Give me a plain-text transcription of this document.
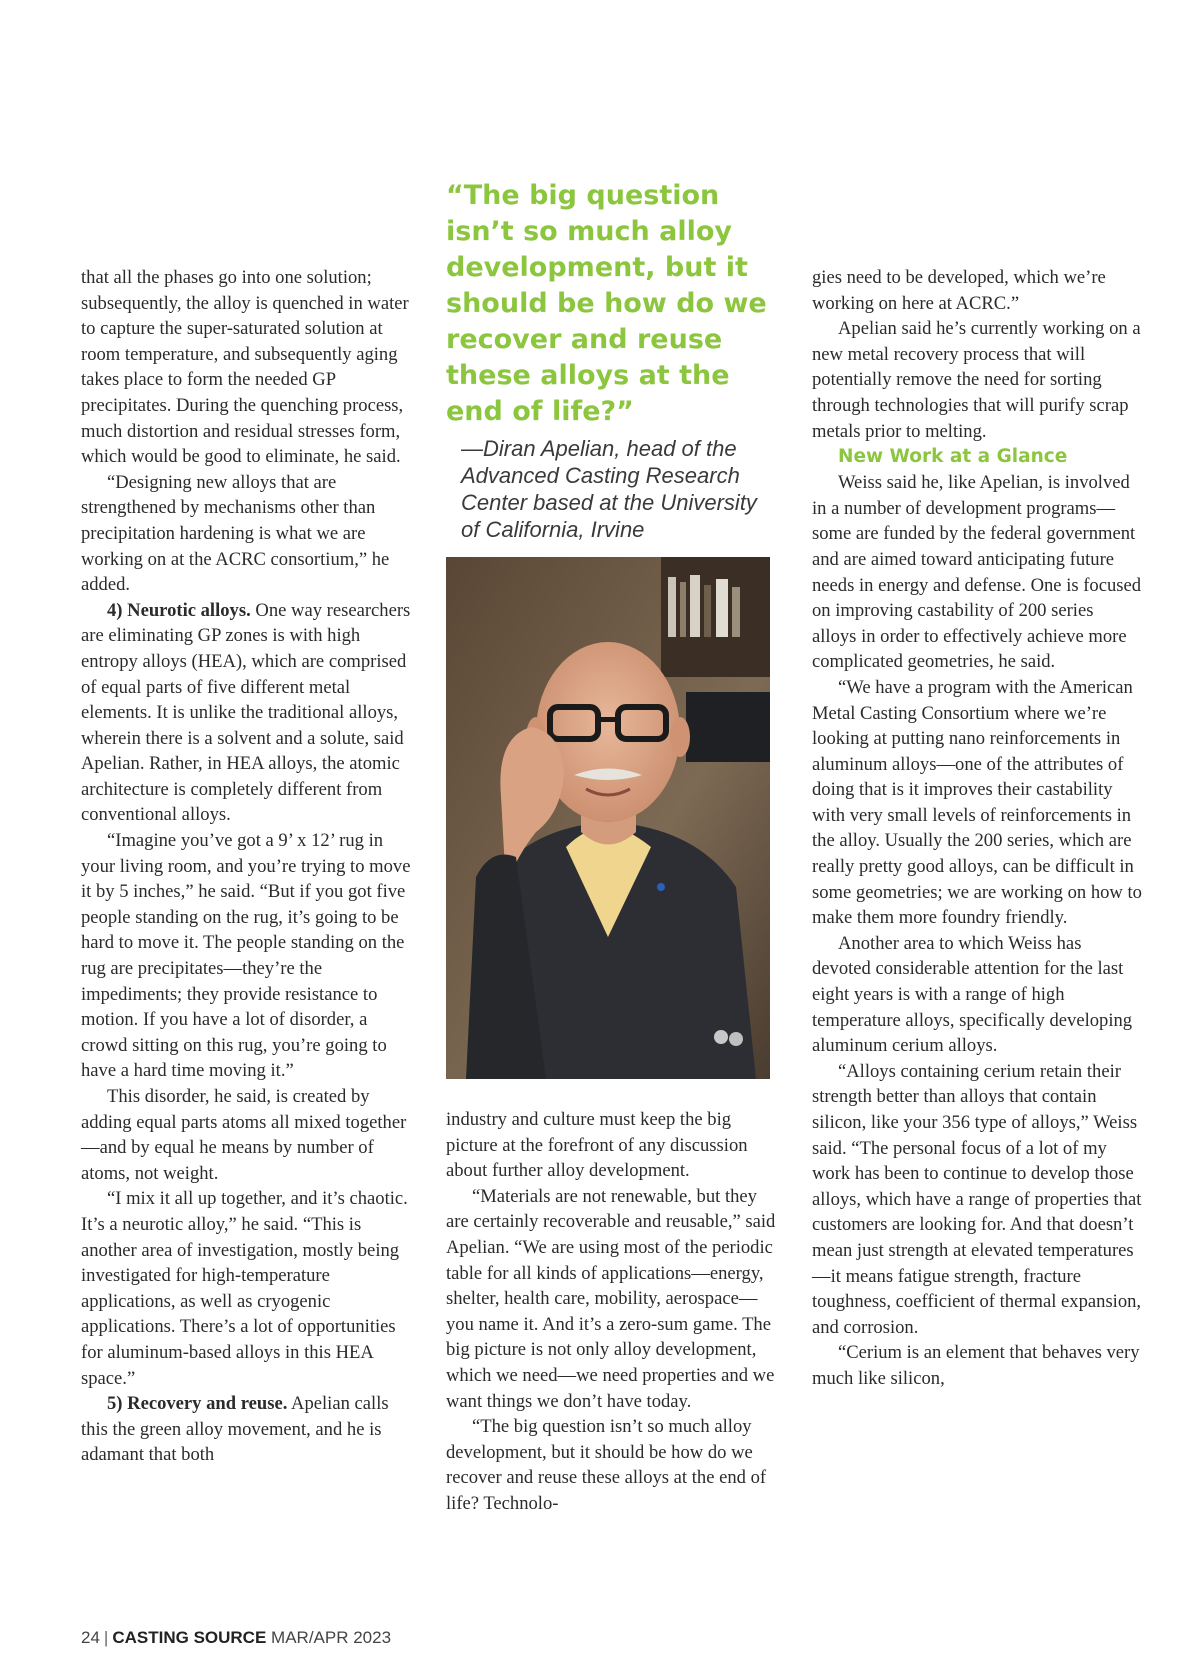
that all the phases go into one solution; subsequently, the alloy is quenched in water to capture the super-saturated solution at room temperature, and subsequently aging takes place to form the needed GP precipitates. During the quenching process, much distortion and residual stresses form, which would be good to eliminate, he said.

“Designing new alloys that are strengthened by mechanisms other than precipitation hardening is what we are working on at the ACRC consortium,” he added.

4) Neurotic alloys. One way researchers are eliminating GP zones is with high entropy alloys (HEA), which are comprised of equal parts of five different metal elements. It is unlike the traditional alloys, wherein there is a solvent and a solute, said Apelian. Rather, in HEA alloys, the atomic architecture is completely different from conventional alloys.

“Imagine you’ve got a 9’ x 12’ rug in your living room, and you’re trying to move it by 5 inches,” he said. “But if you got five people standing on the rug, it’s going to be hard to move it. The people standing on the rug are precipitates—they’re the impediments; they provide resistance to motion. If you have a lot of disorder, a crowd sitting on this rug, you’re going to have a hard time moving it.”

This disorder, he said, is created by adding equal parts atoms all mixed together—and by equal he means by number of atoms, not weight.

“I mix it all up together, and it’s chaotic. It’s a neurotic alloy,” he said. “This is another area of investigation, mostly being investigated for high-temperature applications, as well as cryogenic applications. There’s a lot of opportunities for aluminum-based alloys in this HEA space.”

5) Recovery and reuse. Apelian calls this the green alloy movement, and he is adamant that both

“The big question isn’t so much alloy development, but it should be how do we recover and reuse these alloys at the end of life?”
—Diran Apelian, head of the Advanced Casting Research Center based at the University of California, Irvine

industry and culture must keep the big picture at the forefront of any discussion about further alloy development.

“Materials are not renewable, but they are certainly recoverable and reusable,” said Apelian. “We are using most of the periodic table for all kinds of applications—energy, shelter, health care, mobility, aerospace—you name it. And it’s a zero-sum game. The big picture is not only alloy development, which we need—we need properties and we want things we don’t have today.

“The big question isn’t so much alloy development, but it should be how do we recover and reuse these alloys at the end of life? Technolo-

gies need to be developed, which we’re working on here at ACRC.”

Apelian said he’s currently working on a new metal recovery process that will potentially remove the need for sorting through technologies that will purify scrap metals prior to melting.

New Work at a Glance

Weiss said he, like Apelian, is involved in a number of development programs—some are funded by the federal government and are aimed toward anticipating future needs in energy and defense. One is focused on improving castability of 200 series alloys in order to effectively achieve more complicated geometries, he said.

“We have a program with the American Metal Casting Consortium where we’re looking at putting nano reinforcements in aluminum alloys—one of the attributes of doing that is it improves their castability with very small levels of reinforcements in the alloy. Usually the 200 series, which are really pretty good alloys, can be difficult in some geometries; we are working on how to make them more foundry friendly.

Another area to which Weiss has devoted considerable attention for the last eight years is with a range of high temperature alloys, specifically developing aluminum cerium alloys.

“Alloys containing cerium retain their strength better than alloys that contain silicon, like your 356 type of alloys,” Weiss said. “The personal focus of a lot of my work has been to continue to develop those alloys, which have a range of properties that customers are looking for. And that doesn’t mean just strength at elevated temperatures—it means fatigue strength, fracture toughness, coefficient of thermal expansion, and corrosion.

“Cerium is an element that behaves very much like silicon,

24 | CASTING SOURCE MAR/APR 2023
